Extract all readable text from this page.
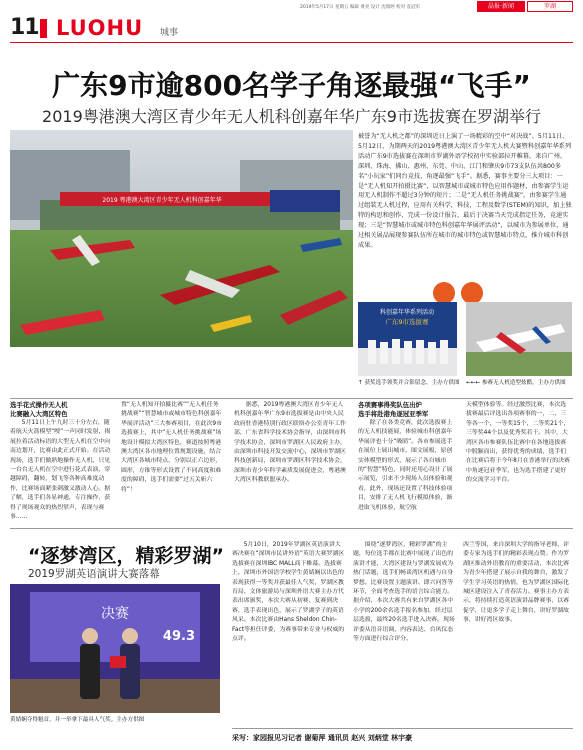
2019年5月17日 星期五 编辑 黄亮 设计 沈瑞婷 校对 袁冠军	晶报·新闻	罗湖
11 LUOHU 城事
广东9市逾800名学子角逐最强“飞手”
2019粤港澳大湾区青少年无人机科创嘉年华广东9市选拔赛在罗湖举行
2019 粤港澳大湾区青少年无人机科创嘉年华
被誉为“无人机之都”的深圳近日上演了一场精彩的空中“对决战”。5月11日、5月12日，为期两天的2019粤港澳大湾区青少年无人机大赛暨科创嘉年华系列活动广东9市选拔赛在深圳市罗湖外语学校初中实验部拉开帷幕，来自广州、深圳、珠海、佛山、惠州、东莞、中山、江门和肇庆9市73支队伍共800多名“小玩家”们同台竞技，角逐最强“飞手”。据悉，赛事主要分三大项目：一是“无人机知开拍摄比赛”，以智慧城市或城市特色应用作题材，由参赛学生运用无人机制作不超过3分钟的短片；二是“无人机任务挑战赛”，由参赛学生通过组装无人机过程，应用有关科学，科技，工程及数学(STEM)的知识，加上独特的构思和创作，完成一份设计报告，最后于决赛当天完成指定任务，竞速实现；三是“智慧城市或城市特色科创嘉年华展评活动”，以城市为参展单位，通过相关展品展现参赛队伍所在城市的城市特色或智慧城市特点，推介城市科创成果。
科创嘉年华系列活动
广东9市选拔赛
↑ 获奖选手领奖并合影留念。主办方供图	←←← 参赛无人机造型炫酷。主办方供图
选手花式操作无人机
比赛融入大湾区特色
5月11日上午九时三十分左右，随着航天火箭模型“嗖”一声同时发射，揭展拉着活动标语的大型无人机在空中向南边划开，比赛由此正式开始。在活动现场，选手们做熟地操作无人机，只见一台台无人机在空中进行花式表演，穿越障碍，翻转，划飞等各种高难度动作，比赛场面紧张刺激又激动人心。据了解，选手们各显神通，专注操作，获得了现场观众的热烈掌声，表现与赛事……
置“无人机知开拍摄比赛”“无人机任务挑战赛”“智慧城市或城市特色科创嘉年华展评活动”三大参赛项目，在此次9市选拔赛上，其中“无人机任务挑战赛”场地设计模拟大湾区特色，赛道按照粤港澳大湾区各市地理位置规划设施，结合大湾区各城市特点，分别以正六边形，圆形，方锥等形式设置了不同高度和难度的障碍，选手们需要“过五关斩六将”！
据悉，2019粤港澳大湾区青少年无人机科创嘉年华广东9市选拔赛是由中央人民政府驻香港特别行政区联络办公室青年工作部，广东省科学技术协会指导，由深圳市科学技术协会，深圳市罗湖区人民政府主办，由深圳市科技开发交流中心，深圳市罗湖区科技创新局，深圳市罗湖区科学技术协会，深圳市青少年科学素质发展促进会，粤港澳大湾区科教联盟承办。
各项赛事得奖队伍出炉
选手将赴港角逐冠亚季军
除了在各类竞赛，此次选拔赛上的无人机技能展，体验城市科创嘉年华展评也十分“吸睛”。各市参展选手在展位上展出城市，图文展板，原创实体模型的形式，展示了各自城市的“智慧”特色，同时还用心设计了展示展览，引来不少现场人员体验和观看，此外，现场还设置了科技体验项目，安排了无人机飞行模拟体验，渐进取飞机体验，航空航
天模型体验等。经过激烈比赛，本次选拔赛最后评选出各项赛事的一，二，三等各一个，一等奖15个，二等奖21个，三等奖44个以及优秀奖若干。其中，大湾区各市参赛队伍比赛中在各地选拔赛中脱颖而出，获得优秀的成绩，选手们在比赛后将于今年8月在香港举行的决赛中角逐冠亚季军，也为选手搭建了更好的交流学习平台。
“逐梦湾区，精彩罗湖”
2019罗湖英语演讲大赛落幕
决赛
49.3
黄婧娴夺得魁首，并一举拿下最具人气奖。主办方供图
5月10日，2019年罗湖区英语演讲大赛决赛在“深圳市民讲外语”英语大赛罗湖区选拔赛在深圳IBC MALL商下帷幕。选拔赛上，深圳市外国语学校学生黄婧娴以出色的表现获得一等奖并获最佳人气奖，罗湖区教育局、文体旅游局与深圳外语大赛主办方代表出席颁奖，本次大赛从初赛、复赛到决赛，选手表现出色，展示了罗湖学子的英语风采。本次比赛由Hans Sheldon Chin-Fact等担任评委，为赛事带来专业与权威的点评。
围绕“逐梦湾区，精彩罗湖”的主题，每位选手都在比赛中展现了出色的演讲才能，大湾区建设与罗湖发展成为热门话题，选手们畅谈湾区机遇与自身梦想。比赛设置主题演讲、即兴问答等环节，全面考查选手的语言综合能力。据介绍，本次大赛共有来自罗湖区各中小学的200余名选手报名参加，经过层层选拔，最终20名选手进入决赛。现场评委从语音语调、内容表达、台风仪态等方面进行综合评分。
西兰等国，来自深圳大学的指导老师，评委专家为选手们的精彩表现点赞。作为罗湖区推动外语教育的重要活动，本次比赛为青少年搭建了展示自我的舞台，激发了学生学习英语的热情，也为罗湖区国际化城区建设注入了青春活力。赛事主办方表示，将持续打造英语演讲品牌赛事，以赛促学，让更多学子走上舞台，讲好罗湖故事，讲好湾区故事。
采写：家园报见习记者 谢菊萍 通讯员 赵兴 刘炳堂 林宇豪
